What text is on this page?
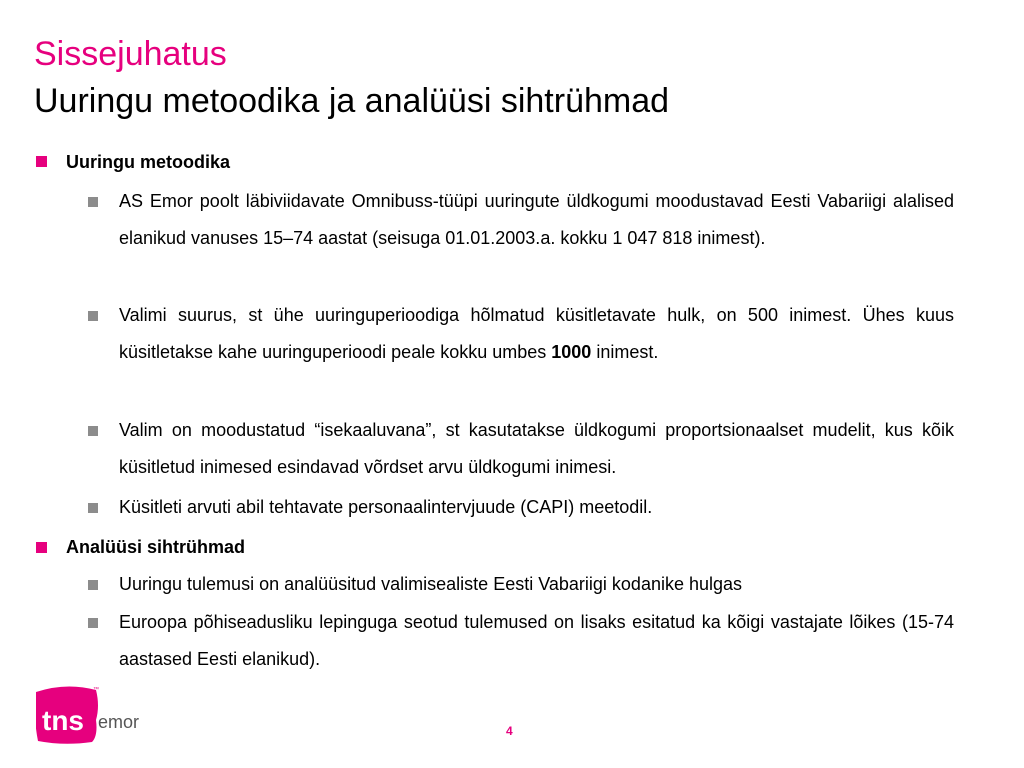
Sissejuhatus
Uuringu metoodika ja analüüsi sihtrühmad
Uuringu metoodika
AS Emor poolt läbiviidavate Omnibuss-tüüpi uuringute üldkogumi moodustavad Eesti Vabariigi alalised elanikud vanuses 15–74 aastat (seisuga 01.01.2003.a. kokku 1 047 818 inimest).
Valimi suurus, st ühe uuringuperioodiga hõlmatud küsitletavate hulk, on 500 inimest. Ühes kuus küsitletakse kahe uuringuperioodi peale kokku umbes 1000 inimest.
Valim on moodustatud “isekaaluvana”, st kasutatakse üldkogumi proportsionaalset mudelit, kus kõik küsitletud inimesed esindavad võrdset arvu üldkogumi inimesi.
Küsitleti arvuti abil tehtavate personaalintervjuude (CAPI) meetodil.
Analüüsi sihtrühmad
Uuringu tulemusi on analüüsitud valimisealiste Eesti Vabariigi kodanike hulgas
Euroopa põhiseadusliku lepinguga seotud tulemused on lisaks esitatud ka kõigi vastajate lõikes (15-74 aastased Eesti elanikud).
tns
™
emor	4
